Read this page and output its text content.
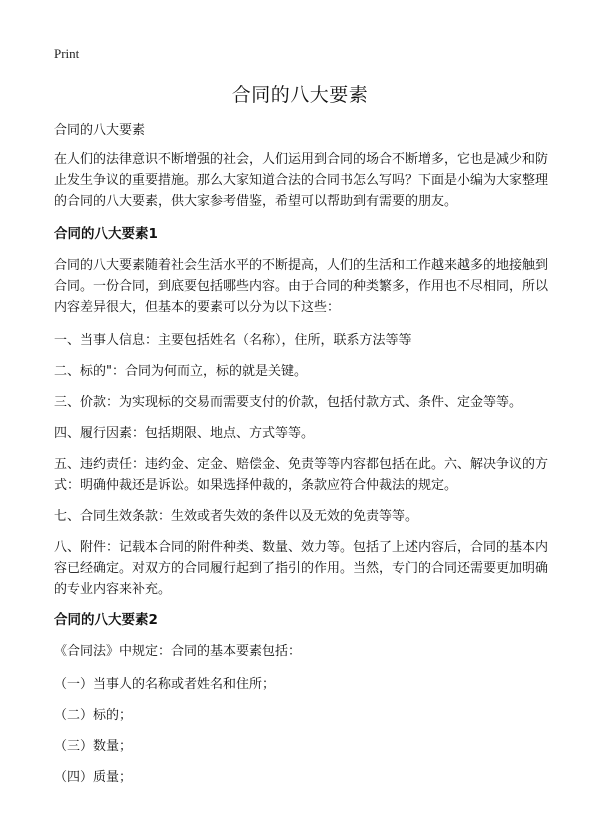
Print
合同的八大要素

合同的八大要素

在人们的法律意识不断增强的社会，人们运用到合同的场合不断增多，它也是减少和防止发生争议的重要措施。那么大家知道合法的合同书怎么写吗？下面是小编为大家整理的合同的八大要素，供大家参考借鉴，希望可以帮助到有需要的朋友。

合同的八大要素1

合同的八大要素随着社会生活水平的不断提高，人们的生活和工作越来越多的地接触到合同。一份合同，到底要包括哪些内容。由于合同的种类繁多，作用也不尽相同，所以内容差异很大，但基本的要素可以分为以下这些：

一、当事人信息：主要包括姓名（名称），住所，联系方法等等

二、标的"：合同为何而立，标的就是关键。

三、价款：为实现标的交易而需要支付的价款，包括付款方式、条件、定金等等。

四、履行因素：包括期限、地点、方式等等。

五、违约责任：违约金、定金、赔偿金、免责等等内容都包括在此。六、解决争议的方式：明确仲裁还是诉讼。如果选择仲裁的，条款应符合仲裁法的规定。

七、合同生效条款：生效或者失效的条件以及无效的免责等等。

八、附件：记载本合同的附件种类、数量、效力等。包括了上述内容后，合同的基本内容已经确定。对双方的合同履行起到了指引的作用。当然，专门的合同还需要更加明确的专业内容来补充。

合同的八大要素2

《合同法》中规定：合同的基本要素包括：

（一）当事人的名称或者姓名和住所；

（二）标的；

（三）数量；

（四）质量；
